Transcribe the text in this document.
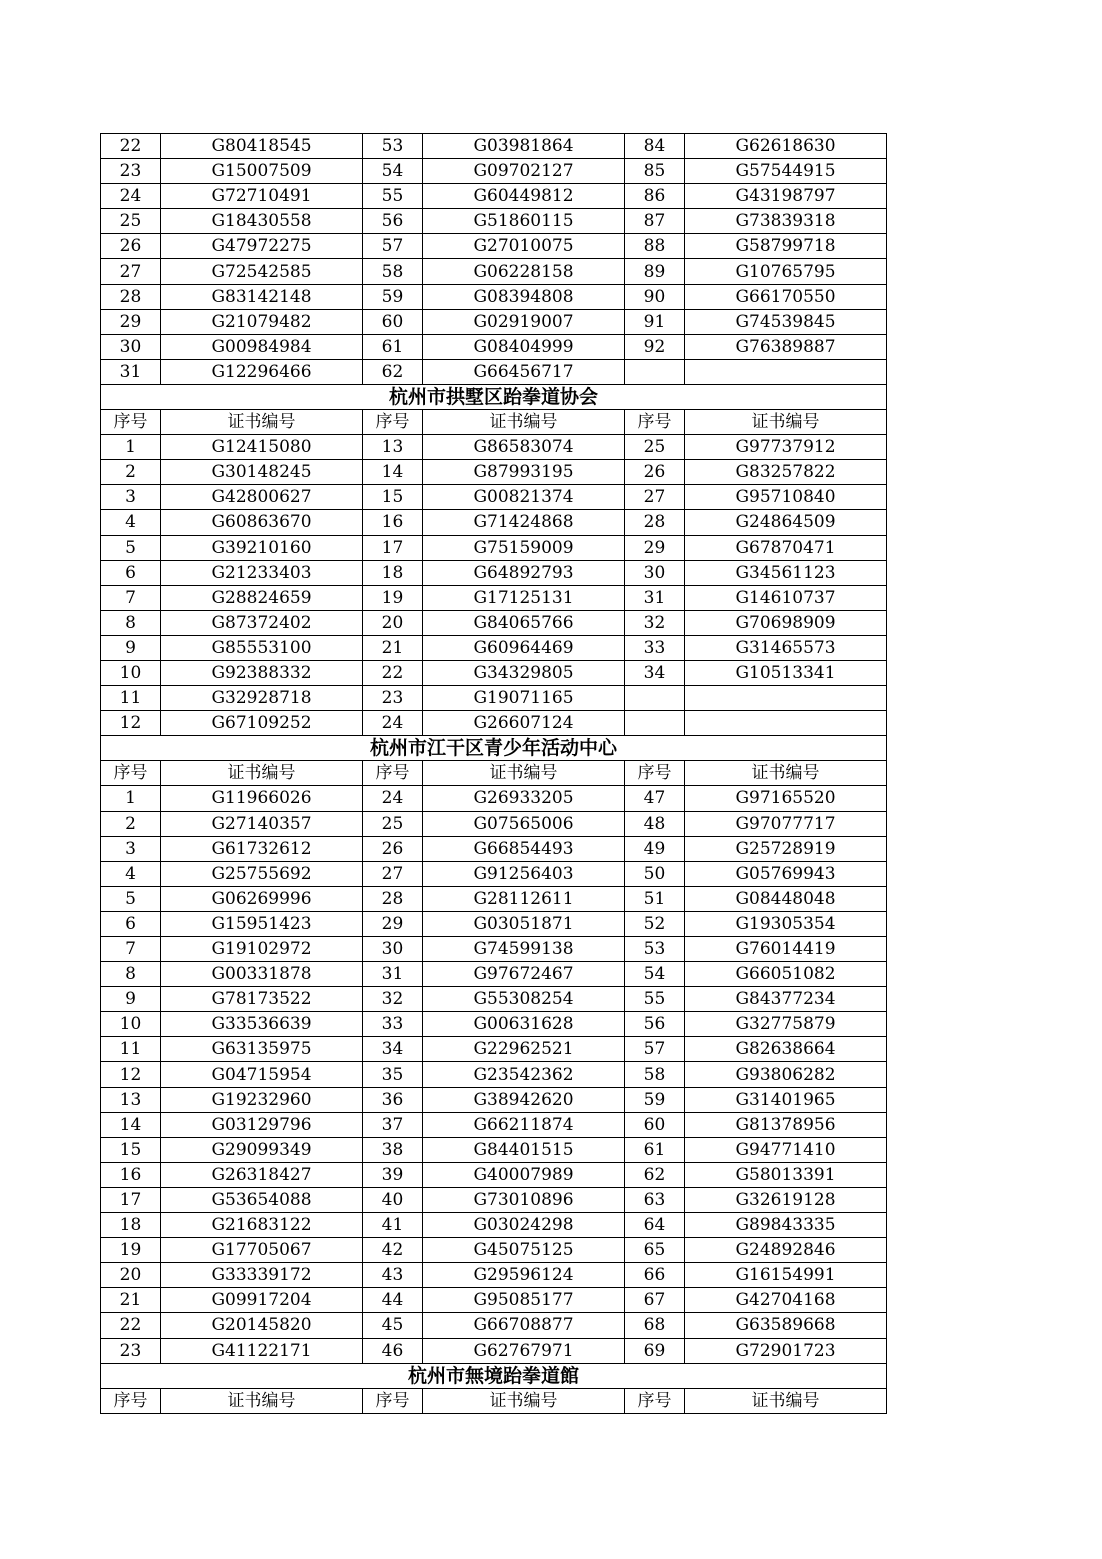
22	G80418545	53	G03981864	84	G62618630
23	G15007509	54	G09702127	85	G57544915
24	G72710491	55	G60449812	86	G43198797
25	G18430558	56	G51860115	87	G73839318
26	G47972275	57	G27010075	88	G58799718
27	G72542585	58	G06228158	89	G10765795
28	G83142148	59	G08394808	90	G66170550
29	G21079482	60	G02919007	91	G74539845
30	G00984984	61	G08404999	92	G76389887
31	G12296466	62	G66456717		
杭州市拱墅区跆拳道协会					
序号	证书编号	序号	证书编号	序号	证书编号
1	G12415080	13	G86583074	25	G97737912
2	G30148245	14	G87993195	26	G83257822
3	G42800627	15	G00821374	27	G95710840
4	G60863670	16	G71424868	28	G24864509
5	G39210160	17	G75159009	29	G67870471
6	G21233403	18	G64892793	30	G34561123
7	G28824659	19	G17125131	31	G14610737
8	G87372402	20	G84065766	32	G70698909
9	G85553100	21	G60964469	33	G31465573
10	G92388332	22	G34329805	34	G10513341
11	G32928718	23	G19071165		
12	G67109252	24	G26607124		
杭州市江干区青少年活动中心					
序号	证书编号	序号	证书编号	序号	证书编号
1	G11966026	24	G26933205	47	G97165520
2	G27140357	25	G07565006	48	G97077717
3	G61732612	26	G66854493	49	G25728919
4	G25755692	27	G91256403	50	G05769943
5	G06269996	28	G28112611	51	G08448048
6	G15951423	29	G03051871	52	G19305354
7	G19102972	30	G74599138	53	G76014419
8	G00331878	31	G97672467	54	G66051082
9	G78173522	32	G55308254	55	G84377234
10	G33536639	33	G00631628	56	G32775879
11	G63135975	34	G22962521	57	G82638664
12	G04715954	35	G23542362	58	G93806282
13	G19232960	36	G38942620	59	G31401965
14	G03129796	37	G66211874	60	G81378956
15	G29099349	38	G84401515	61	G94771410
16	G26318427	39	G40007989	62	G58013391
17	G53654088	40	G73010896	63	G32619128
18	G21683122	41	G03024298	64	G89843335
19	G17705067	42	G45075125	65	G24892846
20	G33339172	43	G29596124	66	G16154991
21	G09917204	44	G95085177	67	G42704168
22	G20145820	45	G66708877	68	G63589668
23	G41122171	46	G62767971	69	G72901723
杭州市無境跆拳道館					
序号	证书编号	序号	证书编号	序号	证书编号
